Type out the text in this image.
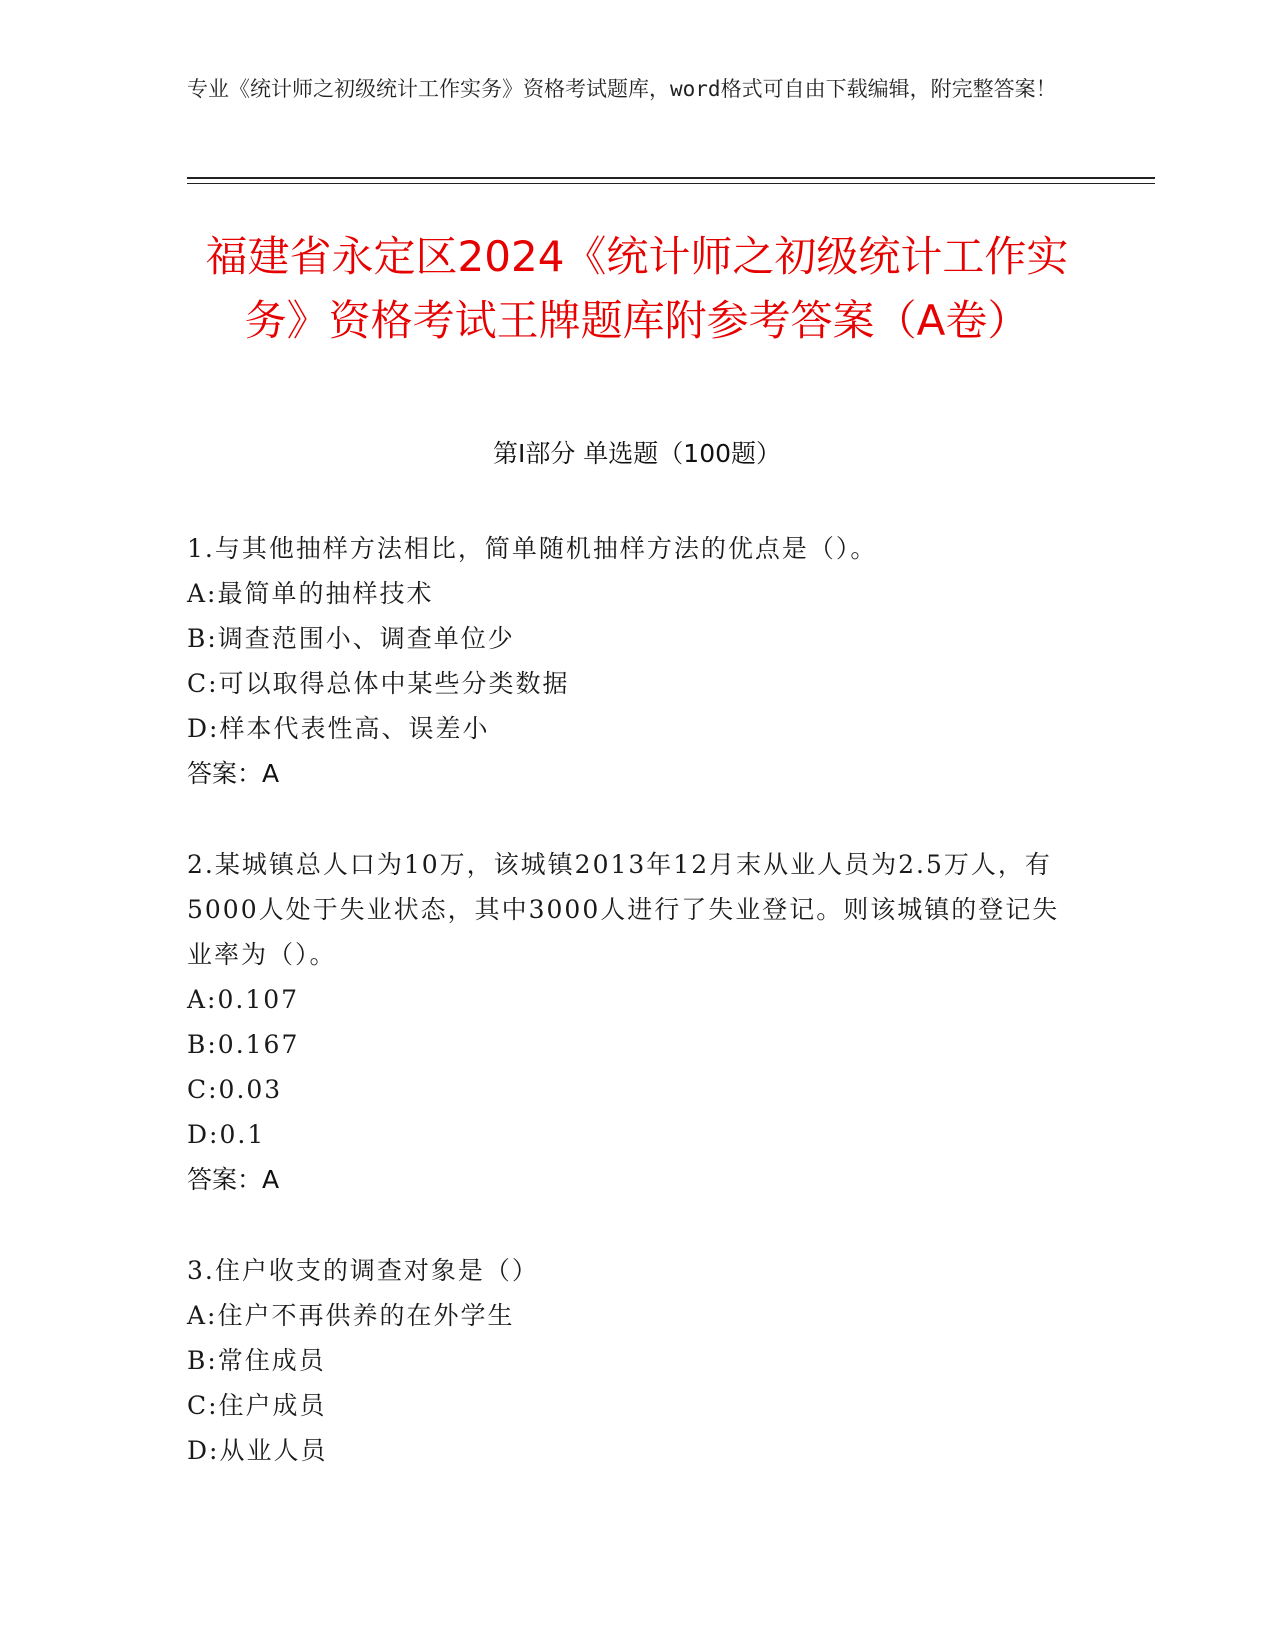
专业《统计师之初级统计工作实务》资格考试题库，word格式可自由下载编辑，附完整答案！
福建省永定区2024《统计师之初级统计工作实务》资格考试王牌题库附参考答案（A卷）
第Ⅰ部分 单选题（100题）
1.与其他抽样方法相比，简单随机抽样方法的优点是（）。
A:最简单的抽样技术
B:调查范围小、调查单位少
C:可以取得总体中某些分类数据
D:样本代表性高、误差小
答案：A
2.某城镇总人口为10万，该城镇2013年12月末从业人员为2.5万人，有5000人处于失业状态，其中3000人进行了失业登记。则该城镇的登记失业率为（）。
A:0.107
B:0.167
C:0.03
D:0.1
答案：A
3.住户收支的调查对象是（）
A:住户不再供养的在外学生
B:常住成员
C:住户成员
D:从业人员
